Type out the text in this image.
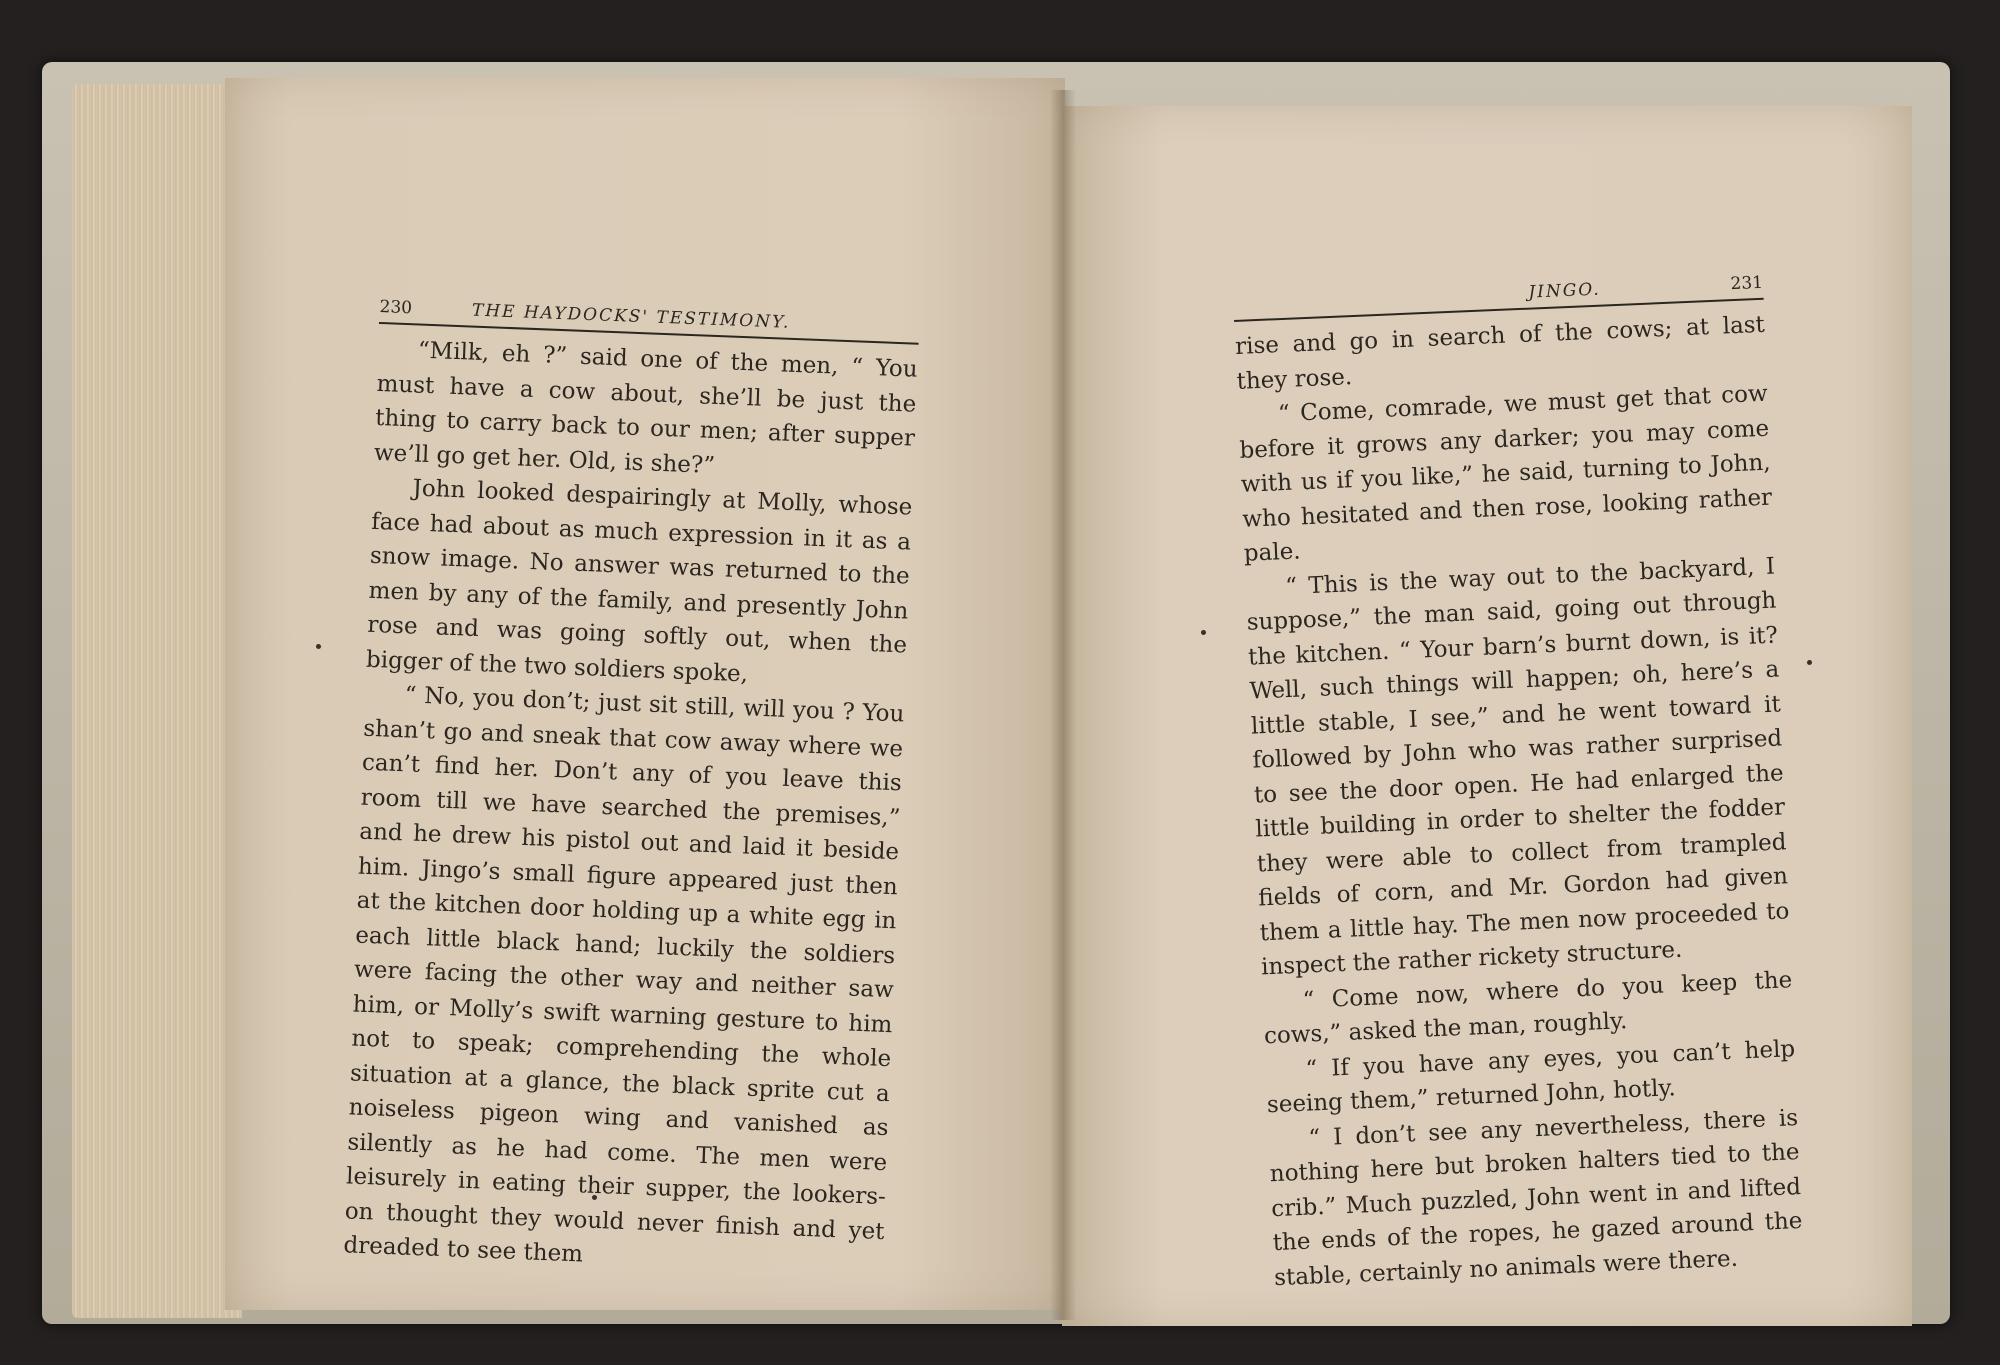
230	THE HAYDOCKS' TESTIMONY.

“Milk, eh ?” said one of the men, “ You must have a cow about, she’ll be just the thing to carry back to our men; after supper we’ll go get her. Old, is she?”

John looked despairingly at Molly, whose face had about as much expression in it as a snow image. No answer was returned to the men by any of the family, and presently John rose and was going softly out, when the bigger of the two soldiers spoke,

“ No, you don’t; just sit still, will you ? You shan’t go and sneak that cow away where we can’t find her. Don’t any of you leave this room till we have searched the premises,” and he drew his pistol out and laid it beside him. Jingo’s small figure appeared just then at the kitchen door holding up a white egg in each little black hand; luckily the soldiers were facing the other way and neither saw him, or Molly’s swift warning gesture to him not to speak; comprehending the whole situation at a glance, the black sprite cut a noiseless pigeon wing and vanished as silently as he had come. The men were leisurely in eating their supper, the lookers-on thought they would never finish and yet dreaded to see them

JINGO.	231

rise and go in search of the cows; at last they rose.

“ Come, comrade, we must get that cow before it grows any darker; you may come with us if you like,” he said, turning to John, who hesitated and then rose, looking rather pale.

“ This is the way out to the backyard, I suppose,” the man said, going out through the kitchen. “ Your barn’s burnt down, is it? Well, such things will happen; oh, here’s a little stable, I see,” and he went toward it followed by John who was rather surprised to see the door open. He had enlarged the little building in order to shelter the fodder they were able to collect from trampled fields of corn, and Mr. Gordon had given them a little hay. The men now proceeded to inspect the rather rickety structure.

“ Come now, where do you keep the cows,” asked the man, roughly.

“ If you have any eyes, you can’t help seeing them,” returned John, hotly.

“ I don’t see any nevertheless, there is nothing here but broken halters tied to the crib.” Much puzzled, John went in and lifted the ends of the ropes, he gazed around the stable, certainly no animals were there.
